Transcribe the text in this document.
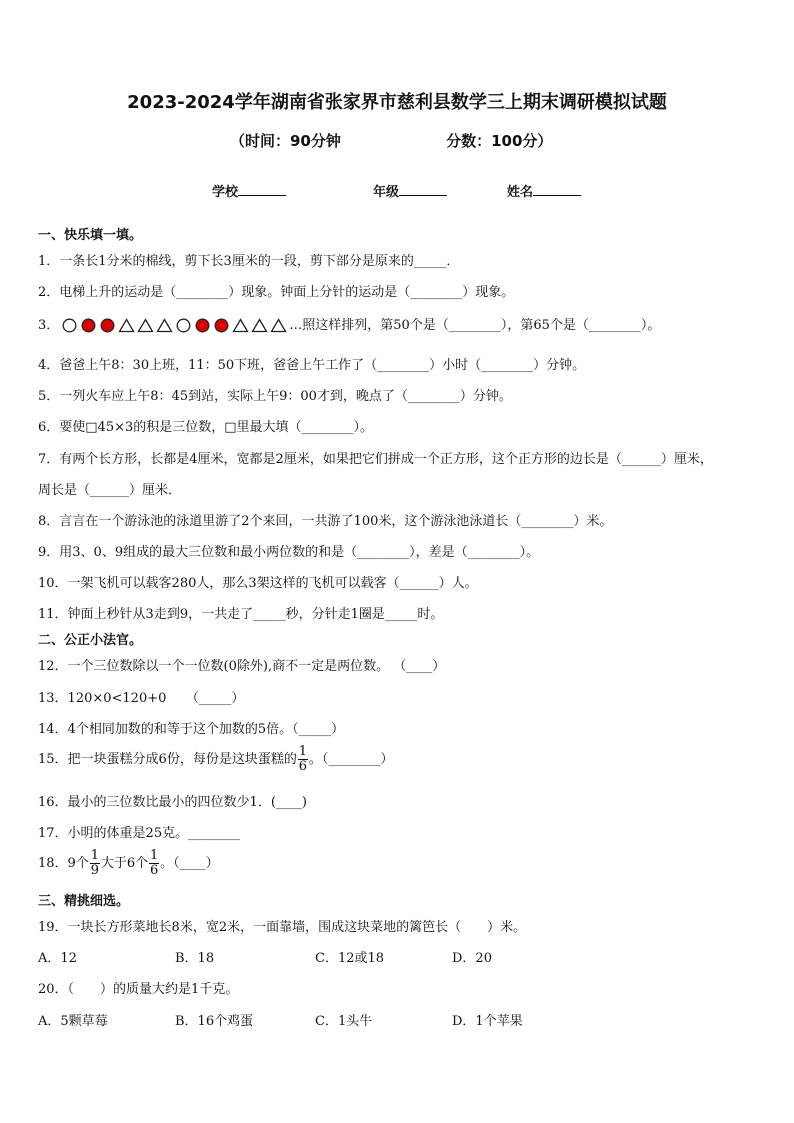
2023-2024学年湖南省张家界市慈利县数学三上期末调研模拟试题
（时间：90分钟	分数：100分）
学校	年级	姓名
一、快乐填一填。
1．一条长1分米的棉线，剪下长3厘米的一段，剪下部分是原来的_____．
2．电梯上升的运动是（________）现象。钟面上分针的运动是（________）现象。
3．	…照这样排列，第50个是（________），第65个是（________）。
4．爸爸上午8：30上班，11：50下班，爸爸上午工作了（________）小时（________）分钟。
5．一列火车应上午8：45到站，实际上午9：00才到，晚点了（________）分钟。
6．要使□45×3的积是三位数，□里最大填（________）。
7．有两个长方形，长都是4厘米，宽都是2厘米，如果把它们拼成一个正方形，这个正方形的边长是（______）厘米，
周长是（______）厘米．
8．言言在一个游泳池的泳道里游了2个来回，一共游了100米，这个游泳池泳道长（________）米。
9．用3、0、9组成的最大三位数和最小两位数的和是（________），差是（________）。
10．一架飞机可以载客280人，那么3架这样的飞机可以载客（______）人。
11．钟面上秒针从3走到9，一共走了_____秒，分针走1圈是_____时。
二、公正小法官。
12．一个三位数除以一个一位数(0除外),商不一定是两位数。 （____）
13．120×0<120+0　　（_____）
14．4个相同加数的和等于这个加数的5倍。（_____）
15．把一块蛋糕分成6份，每份是这块蛋糕的 $\frac{1}{6}$ 。（________）
16．最小的三位数比最小的四位数少1．(____)
17．小明的体重是25克。________
18．9个 $\frac{1}{9}$ 大于6个 $\frac{1}{6}$ 。（____）
三、精挑细选。
19．一块长方形菜地长8米，宽2米，一面靠墙，围成这块菜地的篱笆长（　　）米。
A．12	B．18	C．12或18	D．20
20．（　　）的质量大约是1千克。
A．5颗草莓	B．16个鸡蛋	C．1头牛	D．1个苹果
